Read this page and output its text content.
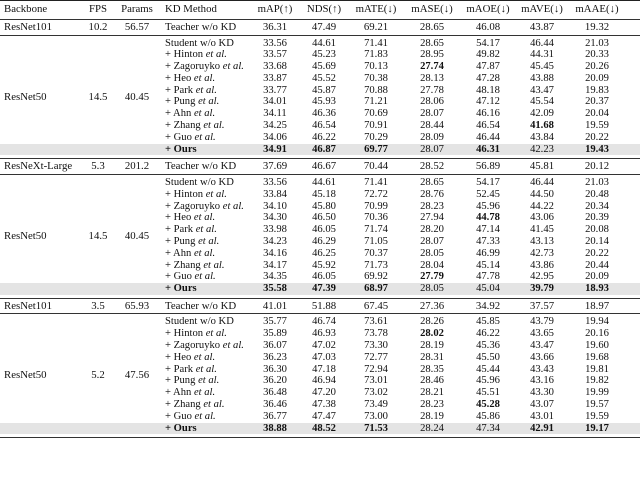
Backbone	FPS Params KD Method	mAP(↑) NDS(↑) mATE(↓) mASE(↓) mAOE(↓) mAVE(↓) mAAE(↓)
ResNet101	10.2 56.57 Teacher w/o KD 36.31 47.49	69.21	28.65	46.08	43.87	19.32
Student w/o KD	33.56 44.61	71.41	28.65	54.17	46.44	21.03
+ Hinton et al.	33.57 45.23	71.83	28.95	49.82	44.31	20.33
+ Zagoruyko et al. 33.68 45.69	70.13	27.74	47.87	45.45	20.26
+ Heo et al.	33.87 45.52	70.38	28.13	47.28	43.88	20.09
+ Park et al.	33.77 45.87	70.88	27.78	48.18	43.47	19.83
+ Pung et al.	34.01 45.93	71.21	28.06	47.12	45.54	20.37
+ Ahn et al.	34.11 46.36	70.69	28.07	46.16	42.09	20.04
+ Zhang et al.	34.25 46.54	70.91	28.44	46.54	41.68	19.59
+ Guo et al.	34.06 46.22	70.29	28.09	46.44	43.84	20.22
+ Ours	34.91 46.87	69.77	28.07	46.31	42.23	19.43
ResNet50	14.5 40.45
ResNeXt-Large 5.3 201.2 Teacher w/o KD 37.69 46.67	70.44	28.52	56.89	45.81	20.12
Student w/o KD	33.56 44.61	71.41	28.65	54.17	46.44	21.03
+ Hinton et al.	33.84 45.18	72.72	28.76	52.45	44.50	20.48
+ Zagoruyko et al. 34.10 45.80	70.99	28.23	45.96	44.22	20.34
+ Heo et al.	34.30 46.50	70.36	27.94	44.78	43.06	20.39
+ Park et al.	33.98 46.05	71.74	28.20	47.14	41.45	20.08
+ Pung et al.	34.23 46.29	71.05	28.07	47.33	43.13	20.14
+ Ahn et al.	34.16 46.25	70.37	28.05	46.99	42.73	20.22
+ Zhang et al.	34.17 45.92	71.73	28.04	45.14	43.86	20.44
+ Guo et al.	34.35 46.05	69.92	27.79	47.78	42.95	20.09
+ Ours	35.58 47.39	68.97	28.05	45.04	39.79	18.93
ResNet50	14.5 40.45
ResNet101	3.5 65.93 Teacher w/o KD 41.01 51.88	67.45	27.36	34.92	37.57	18.97
Student w/o KD	35.77 46.74	73.61	28.26	45.85	43.79	19.94
+ Hinton et al.	35.89 46.93	73.78	28.02	46.22	43.65	20.16
+ Zagoruyko et al. 36.07 47.02	73.30	28.19	45.36	43.47	19.60
+ Heo et al.	36.23 47.03	72.77	28.31	45.50	43.66	19.68
+ Park et al.	36.30 47.18	72.94	28.35	45.44	43.43	19.81
+ Pung et al.	36.20 46.94	73.01	28.46	45.96	43.16	19.82
+ Ahn et al.	36.48 47.20	73.02	28.21	45.51	43.30	19.99
+ Zhang et al.	36.46 47.38	73.49	28.23	45.28	43.07	19.57
+ Guo et al.	36.77 47.47	73.00	28.19	45.86	43.01	19.59
+ Ours	38.88 48.52	71.53	28.24	47.34	42.91	19.17
ResNet50	5.2 47.56
